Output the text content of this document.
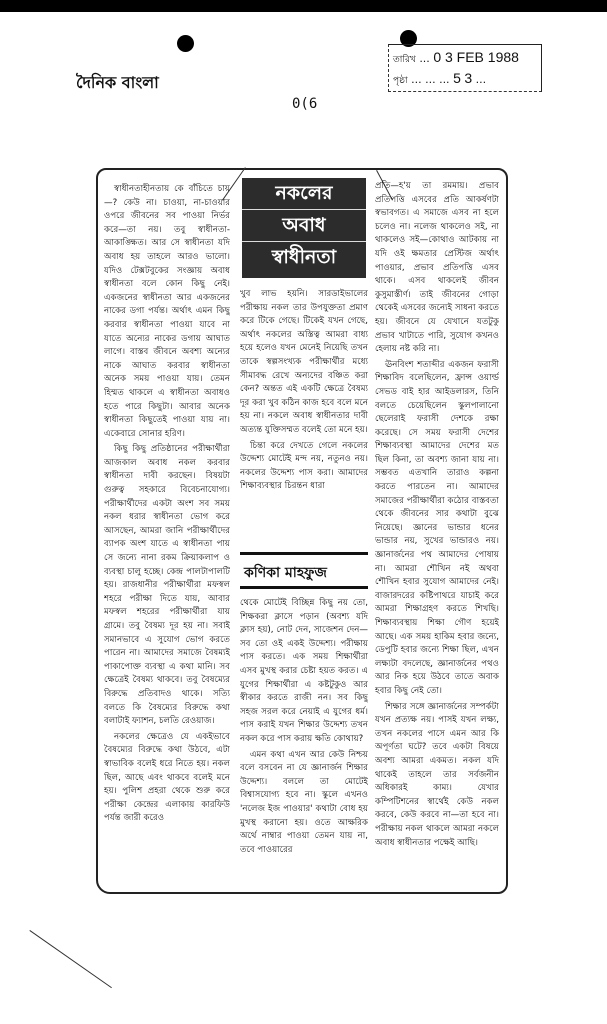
দৈনিক বাংলা
0(6
তারিখ ... 0 3 FEB 1988
পৃষ্ঠা ... ... ... 5 3 ...

স্বাধীনতাহীনতায় কে বাঁচিতে চায়—? কেউ না। চাওয়া, না-চাওয়ার ওপরে জীবনের সব পাওয়া নির্ভর করে—তা নয়। তবু স্বাধীনতা-আকাঙ্ক্ষিত। আর সে স্বাধীনতা যদি অবাধ হয় তাহলে আরও ভালো। যদিও টেক্সটবুকের সংজ্ঞায় অবাধ স্বাধীনতা বলে কোন কিছু নেই। একজনের স্বাধীনতা আর একজনের নাকের ডগা পর্যন্ত। অর্থাৎ এমন কিছু করবার স্বাধীনতা পাওয়া যাবে না যাতে অন্যের নাকের ডগায় আঘাত লাগে। বাস্তব জীবনে অবশ্য অন্যের নাকে আঘাত করবার স্বাধীনতা অনেক সময় পাওয়া যায়। তেমন হিম্মত থাকলে এ স্বাধীনতা অবাধও হতে পারে কিছুটা। আবার অনেক স্বাধীনতা কিছুতেই পাওয়া যায় না। একেবারে সোনার হরিণ।

কিছু কিছু প্রতিষ্ঠানের পরীক্ষার্থীরা আজকাল অবাধ নকল করবার স্বাধীনতা দাবী করছেন। বিষয়টা গুরুত্ব সহকারে বিবেচনাযোগ্য। পরীক্ষার্থীদের একটা অংশ সব সময় নকল ধরার স্বাধীনতা ভোগ করে আসছেন, আমরা জানি পরীক্ষার্থীদের ব্যাপক অংশ যাতে এ স্বাধীনতা পায় সে জন্যে নানা রকম ক্রিয়াকলাপ ও ব্যবস্থা চালু হচ্ছে। কেন্দ্র পালটাপালটি হয়। রাজধানীর পরীক্ষার্থীরা মফস্বল শহরে পরীক্ষা দিতে যায়, আবার মফস্বল শহরের পরীক্ষার্থীরা যায় গ্রামে। তবু বৈষম্য দূর হয় না। সবাই সমানভাবে এ সুযোগ ভোগ করতে পারেন না। আমাদের সমাজে বৈষম্যই পাকাপোক্ত ব্যবস্থা এ কথা মানি। সব ক্ষেত্রেই বৈষম্য থাকবে। তবু বৈষম্যের বিরুদ্ধে প্রতিবাদও থাকে। সত্যি বলতে কি বৈষম্যের বিরুদ্ধে কথা বলাটাই ফ্যাশন, চলতি রেওয়াজ।

নকলের ক্ষেত্রেও যে একইভাবে বৈষম্যের বিরুদ্ধে কথা উঠবে, এটা স্বাভাবিক বলেই ধরে নিতে হয়। নকল ছিল, আছে এবং থাকবে বলেই মনে হয়। পুলিশ প্রহরা থেকে শুরু করে পরীক্ষা কেন্দ্রের এলাকায় কারফিউ পর্যন্ত জারী করেও

নকলের
অবাধ
স্বাধীনতা

খুব লাভ হয়নি। সারডাইভালের পরীক্ষায় নকল তার উপযুক্ততা প্রমাণ করে টিকে গেছে। টিকেই যখন গেছে, অর্থাৎ নকলের অস্তিত্ব আমরা বাধ্য হয়ে হলেও যখন মেনেই নিয়েছি তখন তাকে স্বল্পসংখ্যক পরীক্ষার্থীর মধ্যে সীমাবদ্ধ রেখে অন্যদের বঞ্চিত করা কেন? অন্তত এই একটি ক্ষেত্রে বৈষম্য দূর করা খুব কঠিন কাজ হবে বলে মনে হয় না। নকলে অবাধ স্বাধীনতার দাবী অত্যন্ত যুক্তিসম্মত বলেই তো মনে হয়।

চিন্তা করে দেখতে গেলে নকলের উদ্দেশ্য মোটেই মন্দ নয়, নতুনও নয়। নকলের উদ্দেশ্য পাস করা। আমাদের শিক্ষাব্যবস্থার চিরন্তন ধারা

কণিকা মাহফুজ

থেকে মোটেই বিচ্ছিন্ন কিছু নয় তো, শিক্ষকরা ক্লাসে পড়ান (অবশ্য যদি ক্লাস হয়), নোট দেন, সাজেশন দেন—সব তো ওই একই উদ্দেশ্য। পরীক্ষায় পাস করতে। এক সময় শিক্ষার্থীরা এসব মুখস্থ করার চেষ্টা হয়ত করত। এ যুগের শিক্ষার্থীরা এ কষ্টটুকুও আর স্বীকার করতে রাজী নন। সব কিছু সহজ সরল করে নেয়াই এ যুগের ধর্ম। পাস করাই যখন শিক্ষার উদ্দেশ্য তখন নকল করে পাস করায় ক্ষতি কোথায়?

এমন কথা এখন আর কেউ নিশ্চয় বলে বসবেন না যে জ্ঞানার্জন শিক্ষার উদ্দেশ্য। বললে তা মোটেই বিশ্বাসযোগ্য হবে না। স্কুলে এখনও 'নলেজ ইজ পাওয়ার' কথাটা বোধ হয় মুখস্থ করানো হয়। ওতে আক্ষরিক অর্থে নাম্বার পাওয়া তেমন যায় না, তবে পাওয়ারের

প্রতি—হ'য় তা রমমায়। প্রভাব প্রতিপত্তি এসবের প্রতি আকর্ষণটা স্বভাবগত। এ সমাজে এসব না হলে চলেও না। নলেজ থাকলেও সই, না থাকলেও সই—কোথাও আটকায় না যদি ওই ক্ষমতার প্রেস্টিজ অর্থাৎ পাওয়ার, প্রভাব প্রতিপত্তি এসব থাকে। এসব থাকলেই জীবন কুসুমাস্তীর্ণ। তাই জীবনের গোড়া থেকেই এসবের জন্যেই সাধনা করতে হয়। জীবনে যে যেখানে যতটুকু প্রভাব খাটাতে পারি, সুযোগ কখনও হেলায় নষ্ট করি না।

ঊনবিংশ শতাব্দীর একজন ফরাসী শিক্ষাবিদ বলেছিলেন, ফ্রান্স ওয়ার্ল্ড সেভড বাই হার আইডলারস, তিনি বলতে চেয়েছিলেন স্কুলপালানো ছেলেরাই ফরাসী দেশকে রক্ষা করেছে। সে সময় ফরাসী দেশের শিক্ষাব্যবস্থা আমাদের দেশের মত ছিল কিনা, তা অবশ্য জানা যায় না। সম্ভবত এতখানি তারাও কল্পনা করতে পারতেন না। আমাদের সমাজের পরীক্ষার্থীরা কঠোর বাস্তবতা থেকে জীবনের সার কথাটা বুঝে নিয়েছে। জ্ঞানের ভান্ডার ধনের ভান্ডার নয়, সুখের ভান্ডারও নয়। জ্ঞানার্জনের পথ আমাদের পোষায় না। আমরা শৌখিন নই অথবা শৌখিন হবার সুযোগ আমাদের নেই। বাজারদরের কষ্টিপাথরে যাচাই করে আমরা শিক্ষাগ্রহণ করতে শিখছি। শিক্ষাব্যবস্থায় শিক্ষা গৌণ হয়েই আছে। এক সময় হাকিম হবার জন্যে, ডেপুটি হবার জন্যে শিক্ষা ছিল, এখন লক্ষ্যটা বদলেছে, জ্ঞানার্জনের পথও আর নিক হয়ে উঠবে তাতে অবাক হবার কিছু নেই তো।

শিক্ষার সঙ্গে জ্ঞানার্জনের সম্পর্কটা যখন প্রত্যক্ষ নয়। পাসই যখন লক্ষ্য, তখন নকলের পাসে এমন আর কি অপূর্ণতা ঘটে? তবে একটা বিষয়ে অবশ্য আমরা একমত। নকল যদি থাকেই তাহলে তার সর্বজনীন অধিকারই কাম্য। যেখার কম্পিটিশনের স্বার্থেই কেউ নকল করবে, কেউ করবে না—তা হবে না। পরীক্ষায় নকল থাকলে আমরা নকলে অবাধ স্বাধীনতার পক্ষেই আছি।
